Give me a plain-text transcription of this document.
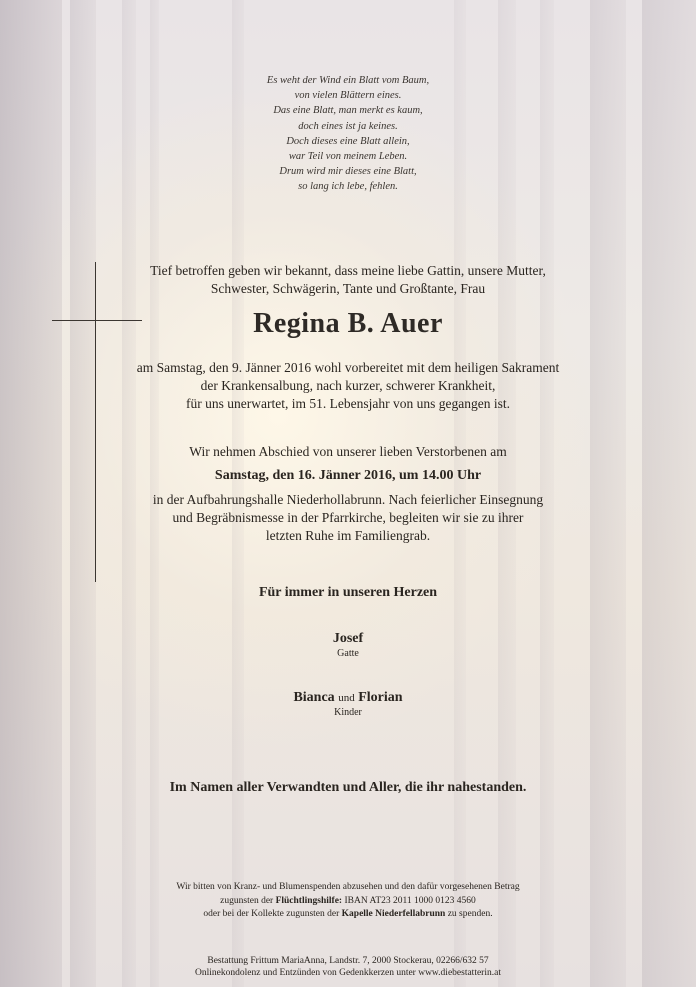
Es weht der Wind ein Blatt vom Baum,
von vielen Blättern eines.
Das eine Blatt, man merkt es kaum,
doch eines ist ja keines.
Doch dieses eine Blatt allein,
war Teil von meinem Leben.
Drum wird mir dieses eine Blatt,
so lang ich lebe, fehlen.
Tief betroffen geben wir bekannt, dass meine liebe Gattin, unsere Mutter,
Schwester, Schwägerin, Tante und Großtante, Frau
Regina B. Auer
am Samstag, den 9. Jänner 2016 wohl vorbereitet mit dem heiligen Sakrament
der Krankensalbung, nach kurzer, schwerer Krankheit,
für uns unerwartet, im 51. Lebensjahr von uns gegangen ist.
Wir nehmen Abschied von unserer lieben Verstorbenen am
Samstag, den 16. Jänner 2016, um 14.00 Uhr
in der Aufbahrungshalle Niederhollabrunn. Nach feierlicher Einsegnung
und Begräbnismesse in der Pfarrkirche, begleiten wir sie zu ihrer
letzten Ruhe im Familiengrab.
Für immer in unseren Herzen
Josef
Gatte
Bianca und Florian
Kinder
Im Namen aller Verwandten und Aller, die ihr nahestanden.
Wir bitten von Kranz- und Blumenspenden abzusehen und den dafür vorgesehenen Betrag
zugunsten der Flüchtlingshilfe: IBAN AT23 2011 1000 0123 4560
oder bei der Kollekte zugunsten der Kapelle Niederfellabrunn zu spenden.
Bestattung Frittum MariaAnna, Landstr. 7, 2000 Stockerau, 02266/632 57
Onlinekondolenz und Entzünden von Gedenkkerzen unter www.diebestatterin.at
